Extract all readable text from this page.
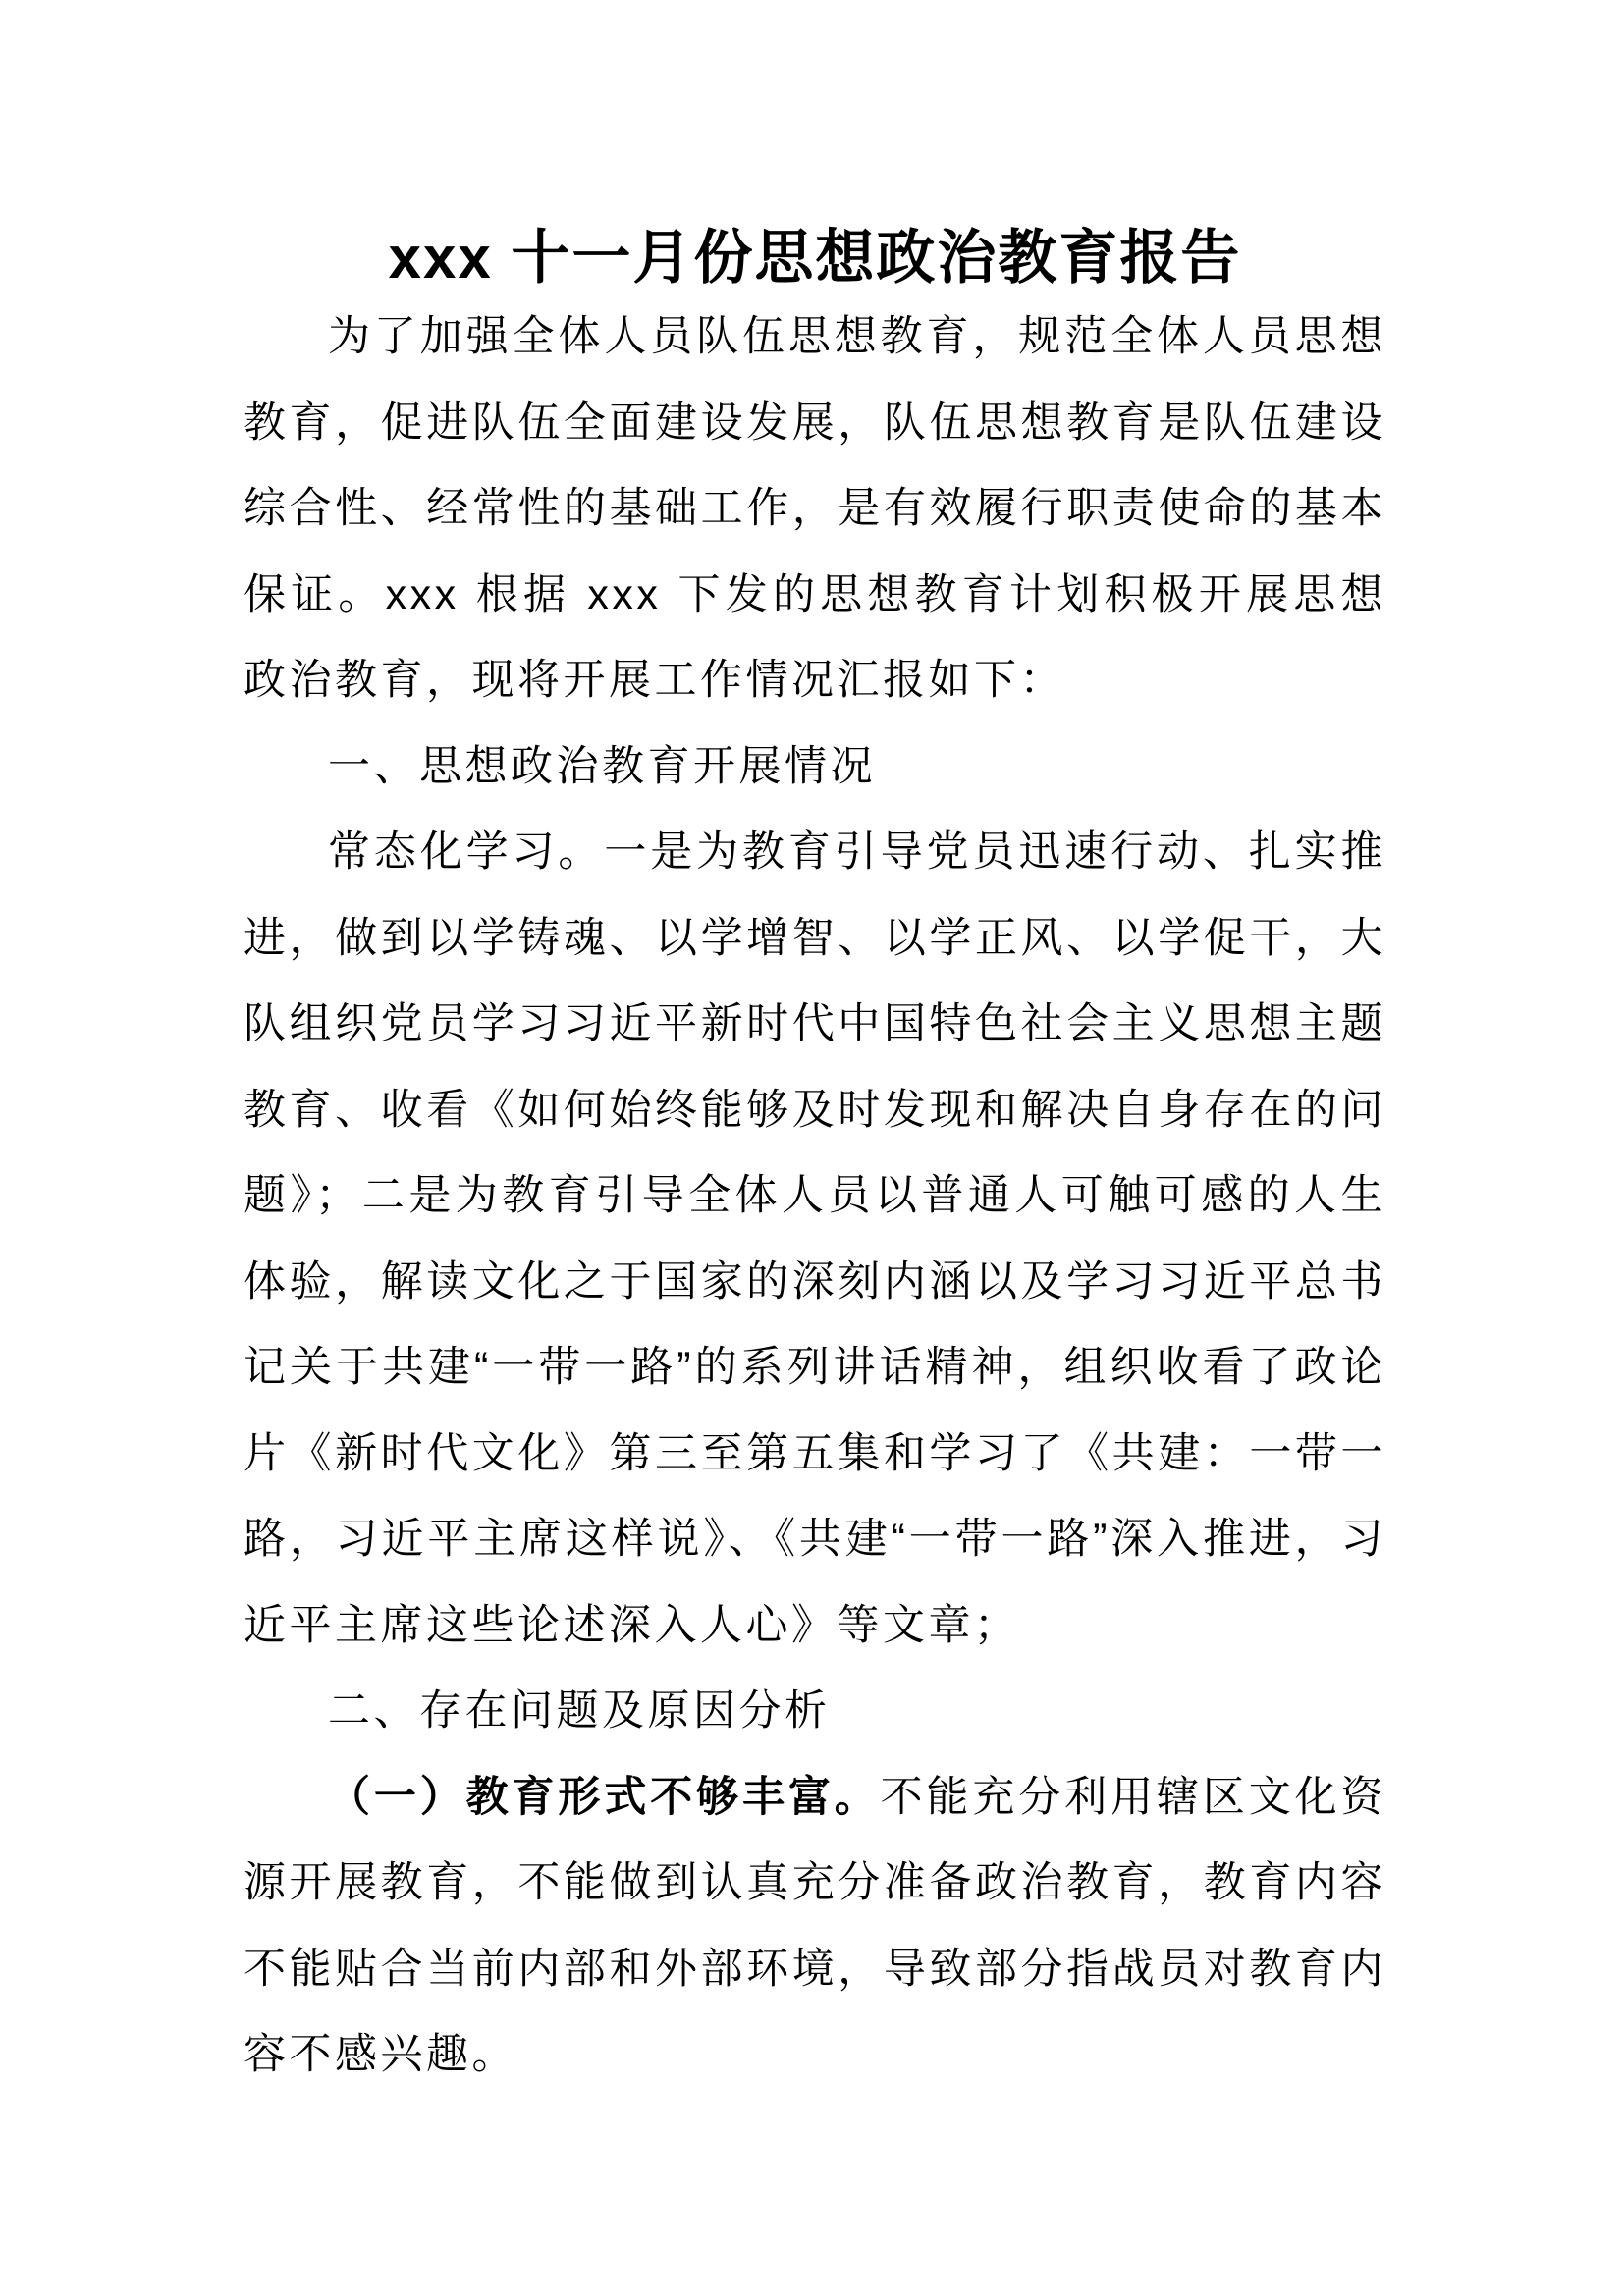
xxx 十一月份思想政治教育报告

为了加强全体人员队伍思想教育，规范全体人员思想教育，促进队伍全面建设发展，队伍思想教育是队伍建设综合性、经常性的基础工作，是有效履行职责使命的基本保证。xxx 根据 xxx 下发的思想教育计划积极开展思想政治教育，现将开展工作情况汇报如下：

一、思想政治教育开展情况

常态化学习。一是为教育引导党员迅速行动、扎实推进，做到以学铸魂、以学增智、以学正风、以学促干，大队组织党员学习习近平新时代中国特色社会主义思想主题教育、收看《如何始终能够及时发现和解决自身存在的问题》；二是为教育引导全体人员以普通人可触可感的人生体验，解读文化之于国家的深刻内涵以及学习习近平总书记关于共建“一带一路”的系列讲话精神，组织收看了政论片《新时代文化》第三至第五集和学习了《共建：一带一路，习近平主席这样说》、《共建“一带一路”深入推进，习近平主席这些论述深入人心》等文章；

二、存在问题及原因分析

（一）教育形式不够丰富。不能充分利用辖区文化资源开展教育，不能做到认真充分准备政治教育，教育内容不能贴合当前内部和外部环境，导致部分指战员对教育内容不感兴趣。
